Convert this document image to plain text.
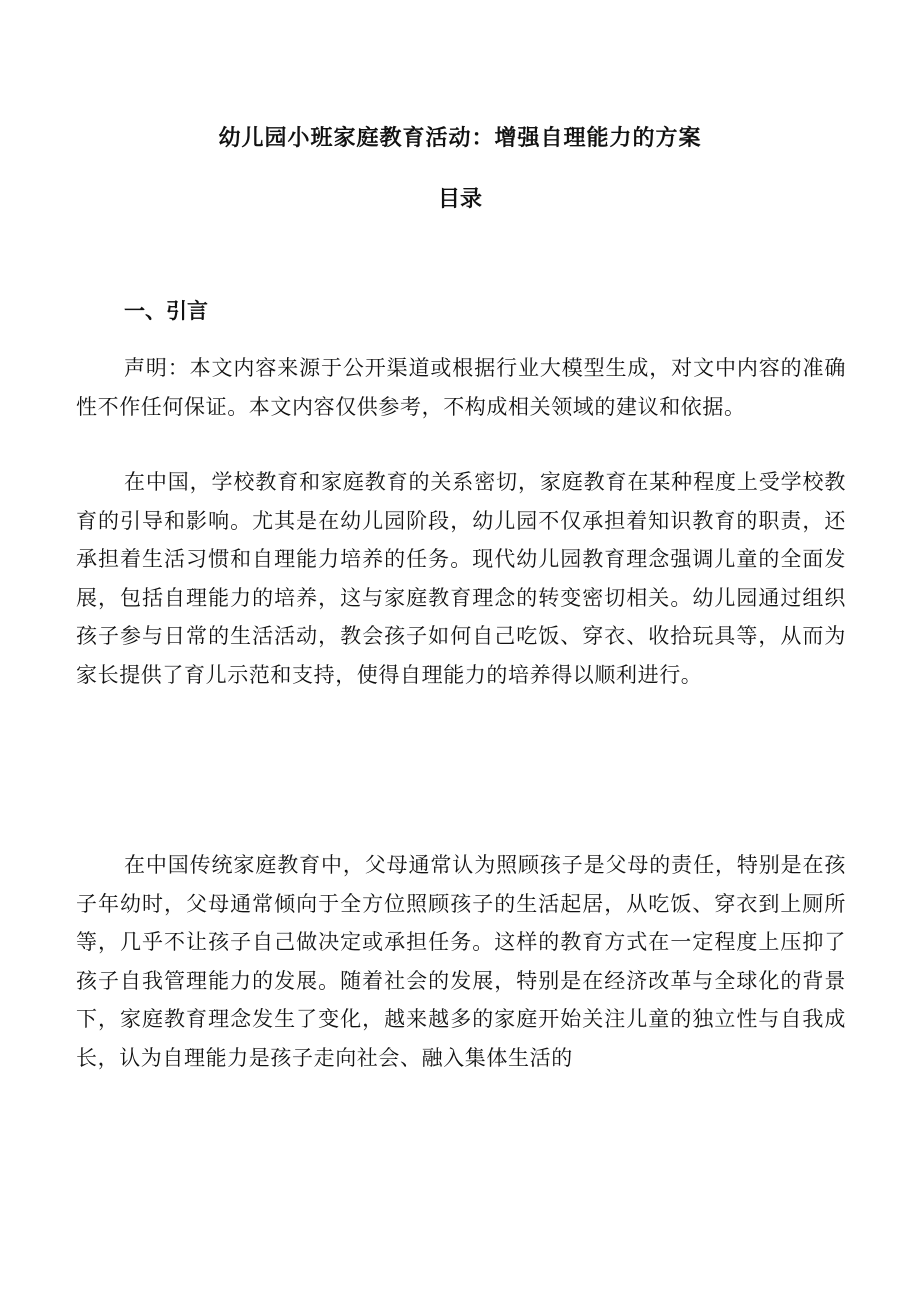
幼儿园小班家庭教育活动：增强自理能力的方案
目录
一、引言

声明：本文内容来源于公开渠道或根据行业大模型生成，对文中内容的准确性不作任何保证。本文内容仅供参考，不构成相关领域的建议和依据。

在中国，学校教育和家庭教育的关系密切，家庭教育在某种程度上受学校教育的引导和影响。尤其是在幼儿园阶段，幼儿园不仅承担着知识教育的职责，还承担着生活习惯和自理能力培养的任务。现代幼儿园教育理念强调儿童的全面发展，包括自理能力的培养，这与家庭教育理念的转变密切相关。幼儿园通过组织孩子参与日常的生活活动，教会孩子如何自己吃饭、穿衣、收拾玩具等，从而为家长提供了育儿示范和支持，使得自理能力的培养得以顺利进行。

在中国传统家庭教育中，父母通常认为照顾孩子是父母的责任，特别是在孩子年幼时，父母通常倾向于全方位照顾孩子的生活起居，从吃饭、穿衣到上厕所等，几乎不让孩子自己做决定或承担任务。这样的教育方式在一定程度上压抑了孩子自我管理能力的发展。随着社会的发展，特别是在经济改革与全球化的背景下，家庭教育理念发生了变化，越来越多的家庭开始关注儿童的独立性与自我成长，认为自理能力是孩子走向社会、融入集体生活的
